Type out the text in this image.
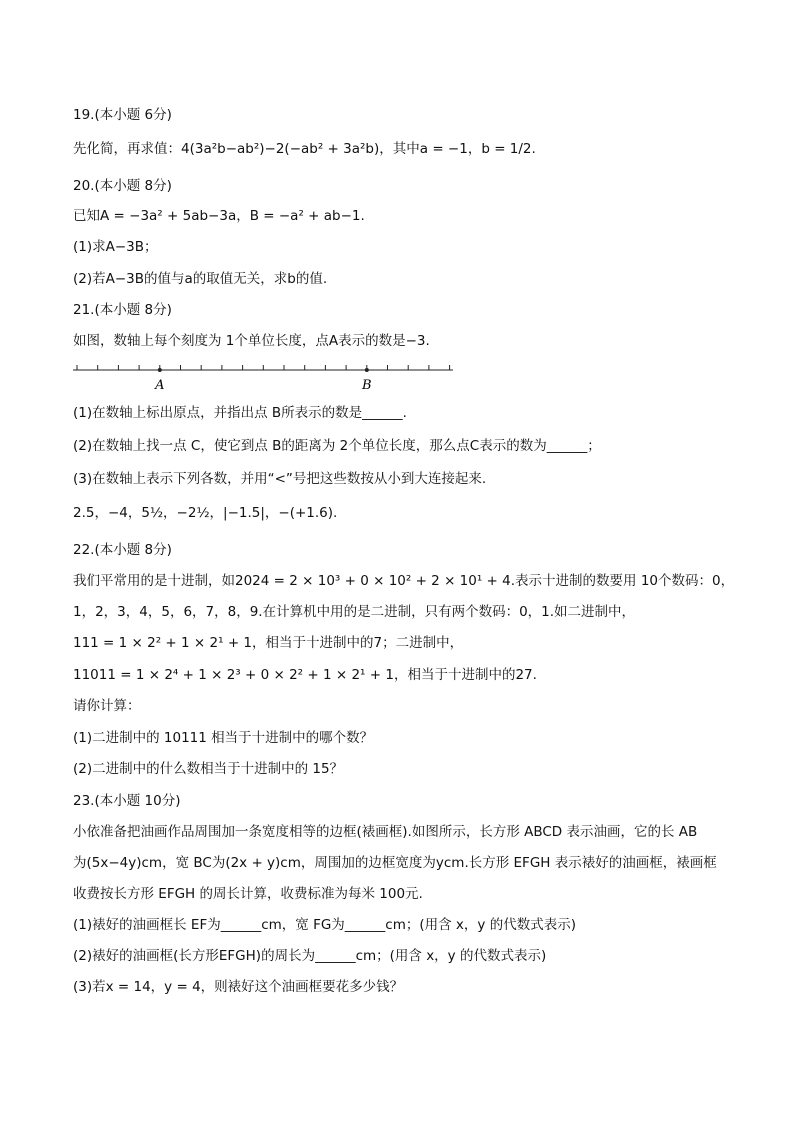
19.(本小题 6分)
先化简，再求值：4(3a²b−ab²)−2(−ab² + 3a²b)，其中a = −1，b = 1/2.
20.(本小题 8分)
已知A = −3a² + 5ab−3a，B = −a² + ab−1.
(1)求A−3B；
(2)若A−3B的值与a的取值无关，求b的值.
21.(本小题 8分)
如图，数轴上每个刻度为 1个单位长度，点A表示的数是−3.
A	B
(1)在数轴上标出原点，并指出点 B所表示的数是______.
(2)在数轴上找一点 C，使它到点 B的距离为 2个单位长度，那么点C表示的数为______；
(3)在数轴上表示下列各数，并用“<”号把这些数按从小到大连接起来.
2.5，−4，5½，−2½，|−1.5|，−(+1.6).
22.(本小题 8分)
我们平常用的是十进制，如2024 = 2 × 10³ + 0 × 10² + 2 × 10¹ + 4.表示十进制的数要用 10个数码：0，
1，2，3，4，5，6，7，8，9.在计算机中用的是二进制，只有两个数码：0，1.如二进制中，
111 = 1 × 2² + 1 × 2¹ + 1，相当于十进制中的7；二进制中，
11011 = 1 × 2⁴ + 1 × 2³ + 0 × 2² + 1 × 2¹ + 1，相当于十进制中的27.
请你计算：
(1)二进制中的 10111 相当于十进制中的哪个数？
(2)二进制中的什么数相当于十进制中的 15？
23.(本小题 10分)
小依准备把油画作品周围加一条宽度相等的边框(裱画框).如图所示，长方形 ABCD 表示油画，它的长 AB
为(5x−4y)cm，宽 BC为(2x + y)cm，周围加的边框宽度为ycm.长方形 EFGH 表示裱好的油画框，裱画框
收费按长方形 EFGH 的周长计算，收费标准为每米 100元.
(1)裱好的油画框长 EF为______cm，宽 FG为______cm；(用含 x，y 的代数式表示)
(2)裱好的油画框(长方形EFGH)的周长为______cm；(用含 x，y 的代数式表示)
(3)若x = 14，y = 4，则裱好这个油画框要花多少钱？
